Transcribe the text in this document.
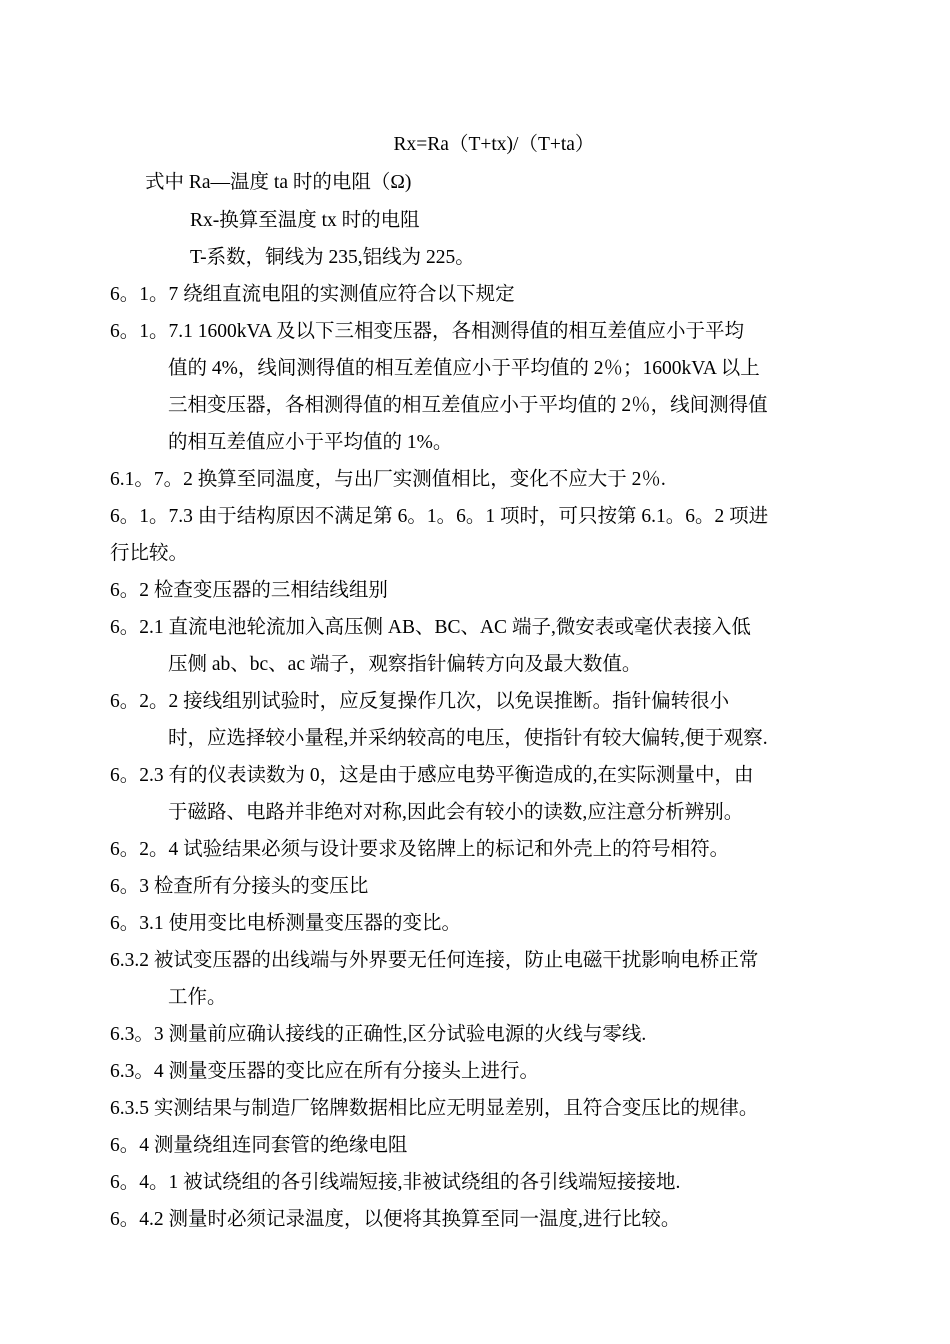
Rx=Ra（T+tx)/（T+ta）
式中 Ra—温度 ta 时的电阻（Ω)
Rx-换算至温度 tx 时的电阻
T-系数，铜线为 235,铝线为 225。
6。1。7 绕组直流电阻的实测值应符合以下规定
6。1。7.1 1600kVA 及以下三相变压器，各相测得值的相互差值应小于平均
值的 4%，线间测得值的相互差值应小于平均值的 2％；1600kVA 以上
三相变压器，各相测得值的相互差值应小于平均值的 2％，线间测得值
的相互差值应小于平均值的 1%。
6.1。7。2 换算至同温度，与出厂实测值相比，变化不应大于 2％.
6。1。7.3 由于结构原因不满足第 6。1。6。1 项时，可只按第 6.1。6。2 项进
行比较。
6。2 检查变压器的三相结线组别
6。2.1 直流电池轮流加入高压侧 AB、BC、AC 端子,微安表或毫伏表接入低
压侧 ab、bc、ac 端子，观察指针偏转方向及最大数值。
6。2。2 接线组别试验时，应反复操作几次，以免误推断。指针偏转很小
时，应选择较小量程,并采纳较高的电压，使指针有较大偏转,便于观察.
6。2.3 有的仪表读数为 0，这是由于感应电势平衡造成的,在实际测量中，由
于磁路、电路并非绝对对称,因此会有较小的读数,应注意分析辨别。
6。2。4 试验结果必须与设计要求及铭牌上的标记和外壳上的符号相符。
6。3 检查所有分接头的变压比
6。3.1 使用变比电桥测量变压器的变比。
6.3.2 被试变压器的出线端与外界要无任何连接，防止电磁干扰影响电桥正常
工作。
6.3。3 测量前应确认接线的正确性,区分试验电源的火线与零线.
6.3。4 测量变压器的变比应在所有分接头上进行。
6.3.5 实测结果与制造厂铭牌数据相比应无明显差别，且符合变压比的规律。
6。4 测量绕组连同套管的绝缘电阻
6。4。1 被试绕组的各引线端短接,非被试绕组的各引线端短接接地.
6。4.2 测量时必须记录温度，以便将其换算至同一温度,进行比较。
